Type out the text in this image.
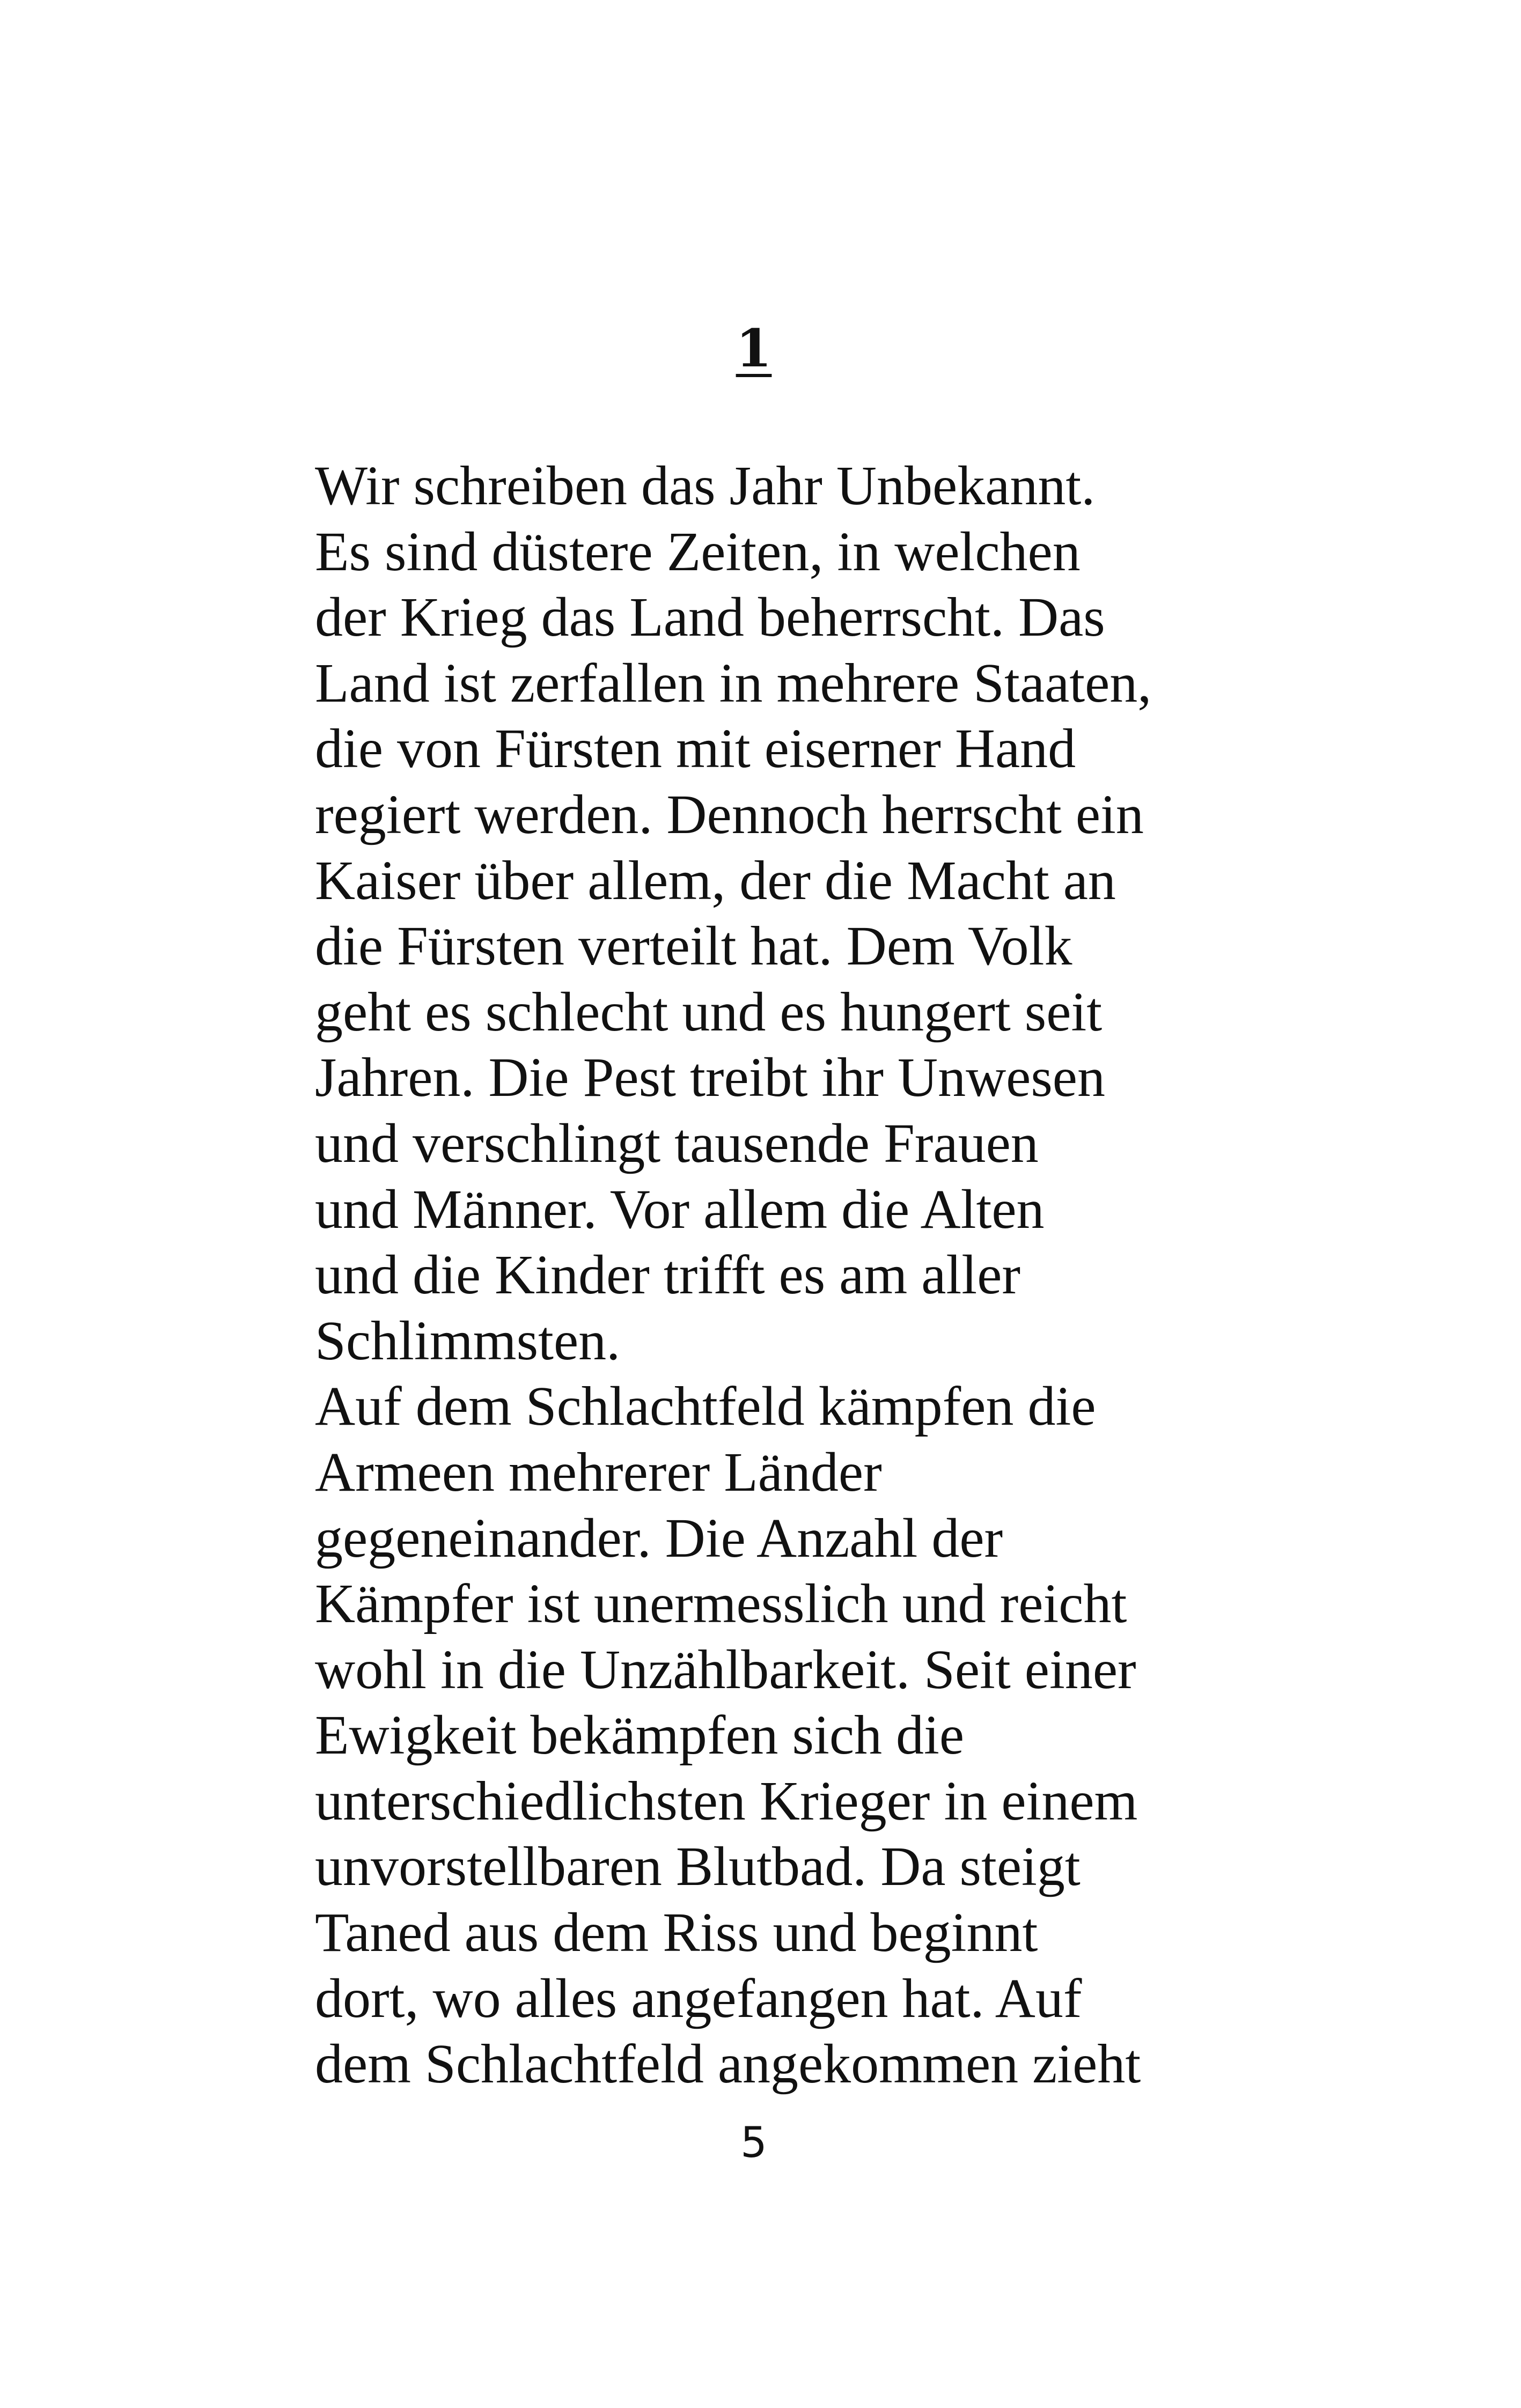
1
Wir schreiben das Jahr Unbekannt.
Es sind düstere Zeiten, in welchen
der Krieg das Land beherrscht. Das
Land ist zerfallen in mehrere Staaten,
die von Fürsten mit eiserner Hand
regiert werden. Dennoch herrscht ein
Kaiser über allem, der die Macht an
die Fürsten verteilt hat. Dem Volk
geht es schlecht und es hungert seit
Jahren. Die Pest treibt ihr Unwesen
und verschlingt tausende Frauen
und Männer. Vor allem die Alten
und die Kinder trifft es am aller
Schlimmsten.
Auf dem Schlachtfeld kämpfen die
Armeen mehrerer Länder
gegeneinander. Die Anzahl der
Kämpfer ist unermesslich und reicht
wohl in die Unzählbarkeit. Seit einer
Ewigkeit bekämpfen sich die
unterschiedlichsten Krieger in einem
unvorstellbaren Blutbad. Da steigt
Taned aus dem Riss und beginnt
dort, wo alles angefangen hat. Auf
dem Schlachtfeld angekommen zieht
5
